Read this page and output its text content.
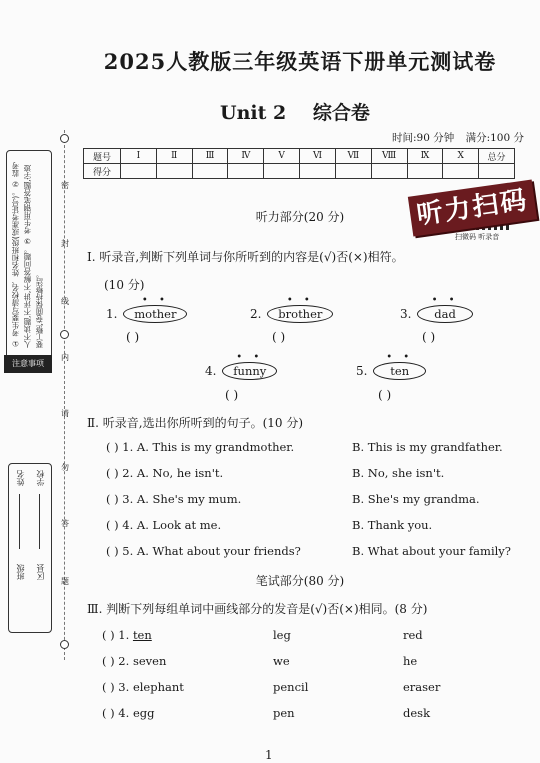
密
封
线
内
请
勿
答
题
① 考生要写清校名、姓名和班级(或准考证号)。② 监考人不读题,不评讲,不解答问题。③ 考生用钢笔答题,字迹要工整,卷面保持整洁。
注意事项
学校
姓名
区县
班级
2025人教版三年级英语下册单元测试卷
Unit 2 综合卷
时间:90 分钟 满分:100 分
题号	Ⅰ	Ⅱ	Ⅲ	Ⅳ	Ⅴ	Ⅵ	Ⅶ	Ⅷ	Ⅸ	Ⅹ	总分
得分											
听力扫码
扫微码 听录音
听力部分(20 分)
Ⅰ. 听录音,判断下列单词与你所听到的内容是(√)否(×)相符。
(10 分)
1. • • mother
( )
2. • • brother
( )
3. • • dad
( )
4. • • funny
( )
5. • • ten
( )
Ⅱ. 听录音,选出你所听到的句子。(10 分)
( ) 1. A. This is my grandmother.	B. This is my grandfather.
( ) 2. A. No, he isn't.	B. No, she isn't.
( ) 3. A. She's my mum.	B. She's my grandma.
( ) 4. A. Look at me.	B. Thank you.
( ) 5. A. What about your friends?	B. What about your family?
笔试部分(80 分)
Ⅲ. 判断下列每组单词中画线部分的发音是(√)否(×)相同。(8 分)
( ) 1. ten	leg	red
( ) 2. seven	we	he
( ) 3. elephant	pencil	eraser
( ) 4. egg	pen	desk
1
